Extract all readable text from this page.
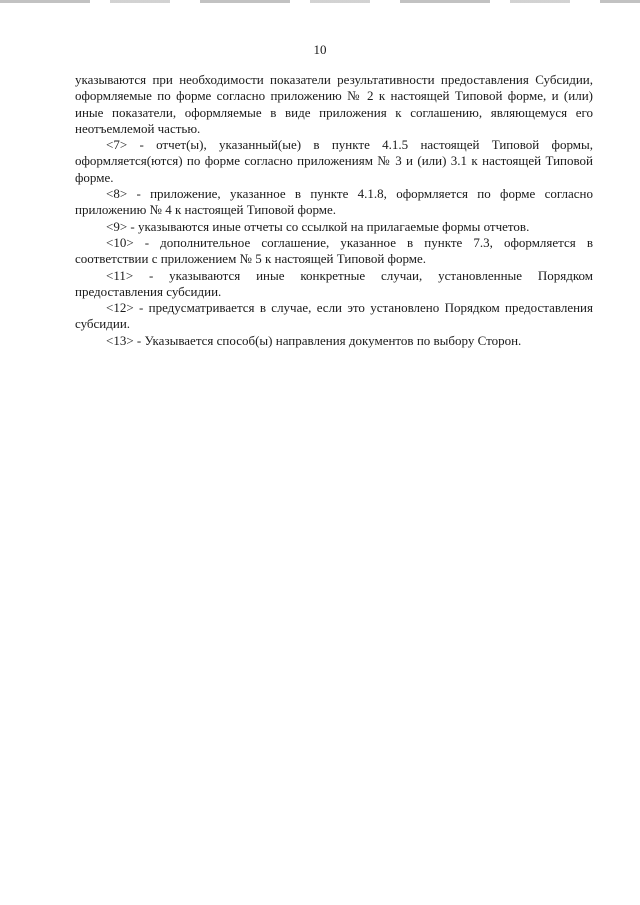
10

указываются при необходимости показатели результативности предоставления Субсидии, оформляемые по форме согласно приложению № 2 к настоящей Типовой форме, и (или) иные показатели, оформляемые в виде приложения к соглашению, являющемуся его неотъемлемой частью.

<7> - отчет(ы), указанный(ые) в пункте 4.1.5 настоящей Типовой формы, оформляется(ются) по форме согласно приложениям № 3 и (или) 3.1 к настоящей Типовой форме.

<8> - приложение, указанное в пункте 4.1.8, оформляется по форме согласно приложению № 4 к настоящей Типовой форме.

<9> - указываются иные отчеты со ссылкой на прилагаемые формы отчетов.

<10> - дополнительное соглашение, указанное в пункте 7.3, оформляется в соответствии с приложением № 5 к настоящей Типовой форме.

<11> - указываются иные конкретные случаи, установленные Порядком предоставления субсидии.

<12> - предусматривается в случае, если это установлено Порядком предоставления субсидии.

<13> - Указывается способ(ы) направления документов по выбору Сторон.
